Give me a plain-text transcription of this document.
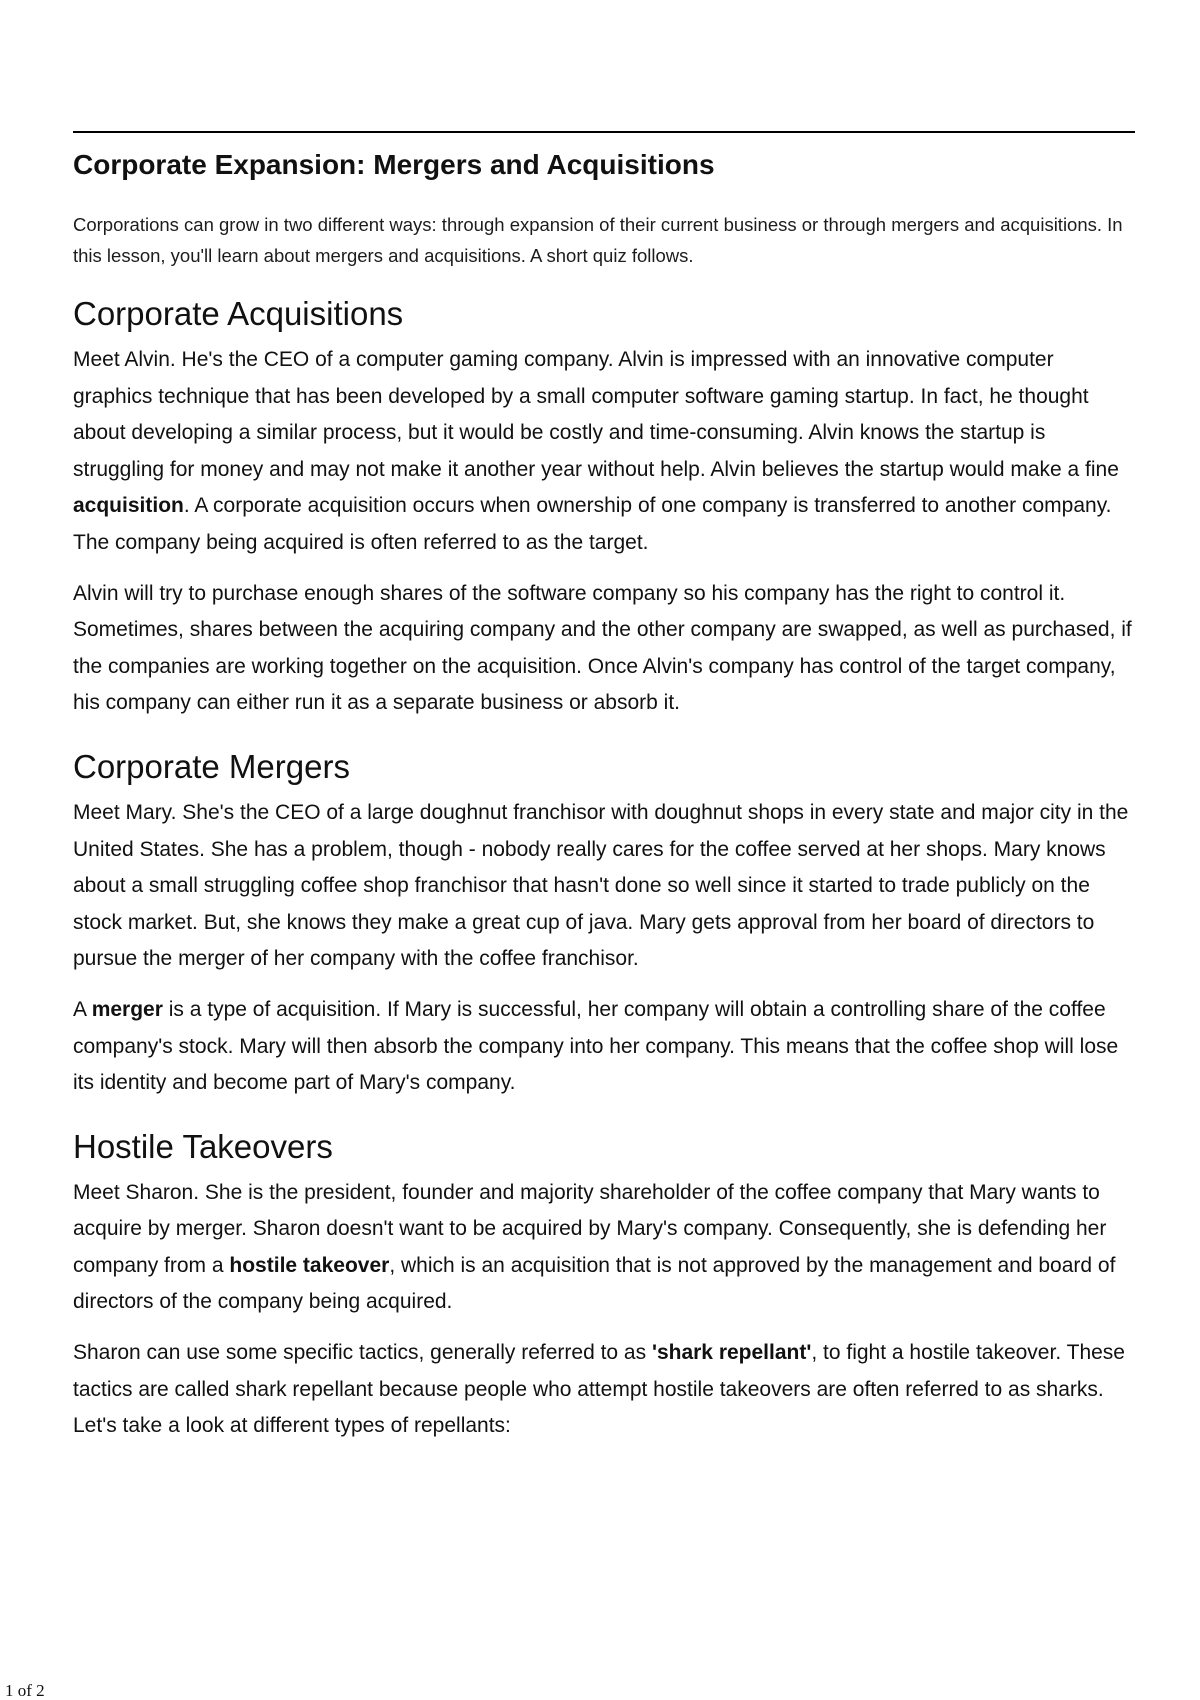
Corporate Expansion: Mergers and Acquisitions

Corporations can grow in two different ways: through expansion of their current business or through mergers and acquisitions. In this lesson, you'll learn about mergers and acquisitions. A short quiz follows.

Corporate Acquisitions

Meet Alvin. He's the CEO of a computer gaming company. Alvin is impressed with an innovative computer graphics technique that has been developed by a small computer software gaming startup. In fact, he thought about developing a similar process, but it would be costly and time-consuming. Alvin knows the startup is struggling for money and may not make it another year without help. Alvin believes the startup would make a fine acquisition. A corporate acquisition occurs when ownership of one company is transferred to another company. The company being acquired is often referred to as the target.

Alvin will try to purchase enough shares of the software company so his company has the right to control it. Sometimes, shares between the acquiring company and the other company are swapped, as well as purchased, if the companies are working together on the acquisition. Once Alvin's company has control of the target company, his company can either run it as a separate business or absorb it.

Corporate Mergers

Meet Mary. She's the CEO of a large doughnut franchisor with doughnut shops in every state and major city in the United States. She has a problem, though - nobody really cares for the coffee served at her shops. Mary knows about a small struggling coffee shop franchisor that hasn't done so well since it started to trade publicly on the stock market. But, she knows they make a great cup of java. Mary gets approval from her board of directors to pursue the merger of her company with the coffee franchisor.

A merger is a type of acquisition. If Mary is successful, her company will obtain a controlling share of the coffee company's stock. Mary will then absorb the company into her company. This means that the coffee shop will lose its identity and become part of Mary's company.

Hostile Takeovers

Meet Sharon. She is the president, founder and majority shareholder of the coffee company that Mary wants to acquire by merger. Sharon doesn't want to be acquired by Mary's company. Consequently, she is defending her company from a hostile takeover, which is an acquisition that is not approved by the management and board of directors of the company being acquired.

Sharon can use some specific tactics, generally referred to as 'shark repellant', to fight a hostile takeover. These tactics are called shark repellant because people who attempt hostile takeovers are often referred to as sharks. Let's take a look at different types of repellants:

1 of 2
